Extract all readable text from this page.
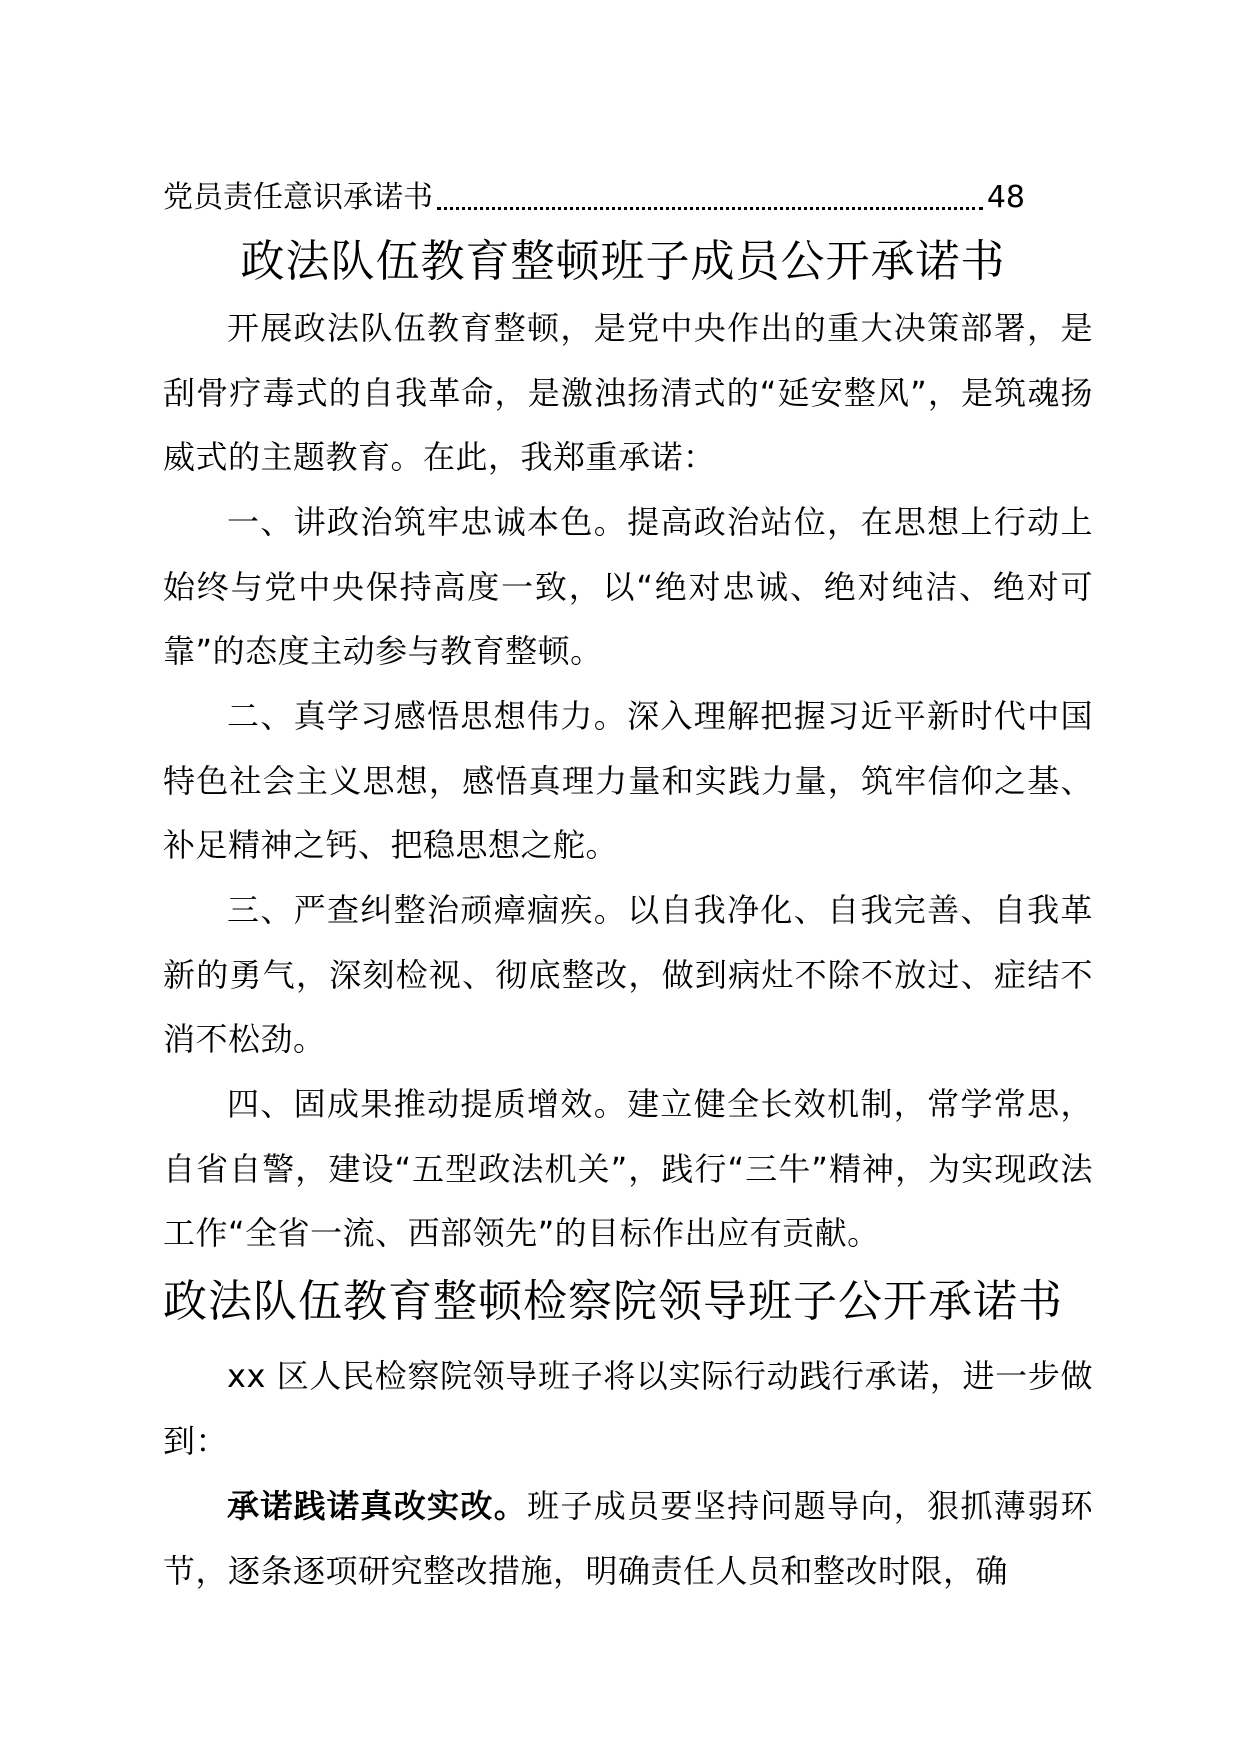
党员责任意识承诺书	48
政法队伍教育整顿班子成员公开承诺书

开展政法队伍教育整顿，是党中央作出的重大决策部署，是刮骨疗毒式的自我革命，是激浊扬清式的“延安整风”，是筑魂扬威式的主题教育。在此，我郑重承诺：

一、讲政治筑牢忠诚本色。提高政治站位，在思想上行动上始终与党中央保持高度一致，以“绝对忠诚、绝对纯洁、绝对可靠”的态度主动参与教育整顿。

二、真学习感悟思想伟力。深入理解把握习近平新时代中国特色社会主义思想，感悟真理力量和实践力量，筑牢信仰之基、补足精神之钙、把稳思想之舵。

三、严查纠整治顽瘴痼疾。以自我净化、自我完善、自我革新的勇气，深刻检视、彻底整改，做到病灶不除不放过、症结不消不松劲。

四、固成果推动提质增效。建立健全长效机制，常学常思，自省自警，建设“五型政法机关”，践行“三牛”精神，为实现政法工作“全省一流、西部领先”的目标作出应有贡献。

政法队伍教育整顿检察院领导班子公开承诺书

xx 区人民检察院领导班子将以实际行动践行承诺，进一步做到：

承诺践诺真改实改。班子成员要坚持问题导向，狠抓薄弱环节，逐条逐项研究整改措施，明确责任人员和整改时限，确
